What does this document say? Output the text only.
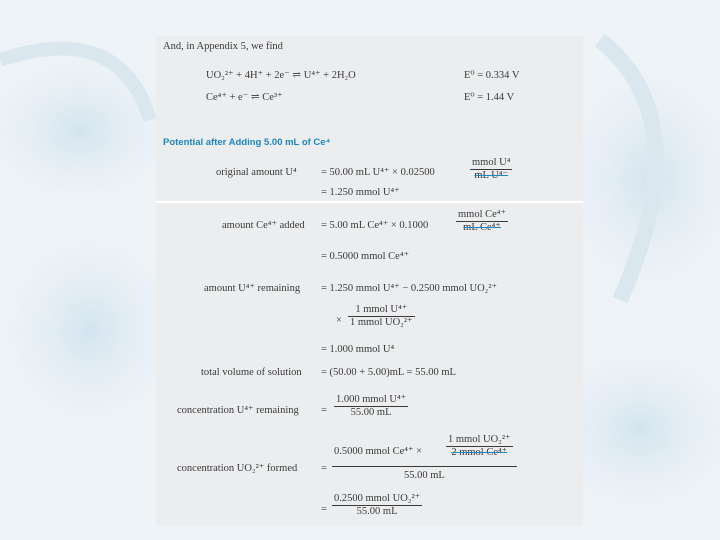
And, in Appendix 5, we find
UO₂²⁺ + 4H⁺ + 2e⁻ ⇌ U⁴⁺ + 2H₂O	E⁰ = 0.334 V
Ce⁴⁺ + e⁻ ⇌ Ce³⁺	E⁰ = 1.44 V
Potential after Adding 5.00 mL of Ce⁴
original amount U⁴ = 50.00 mL U⁴⁺ × 0.02500
mmol U⁴
mL U⁴⁻
= 1.250 mmol U⁴⁺
amount Ce⁴⁺ added = 5.00 mL Ce⁴⁺ × 0.1000
mmol Ce⁴⁺
mL Ce⁴⁺
= 0.5000 mmol Ce⁴⁺
amount U⁴⁺ remaining = 1.250 mmol U⁴⁺ − 0.2500 mmol UO₂²⁺
×
1 mmol U⁴⁺
1 mmol UO₂²⁺
= 1.000 mmol U⁴
total volume of solution = (50.00 + 5.00)mL = 55.00 mL
concentration U⁴⁺ remaining =
1.000 mmol U⁴⁺
55.00 mL
concentration UO₂²⁺ formed =
0.5000 mmol Ce⁴⁺ ×
1 mmol UO₂²⁺
2 mmol Ce⁴⁺
55.00 mL
=
0.2500 mmol UO₂²⁺
55.00 mL
